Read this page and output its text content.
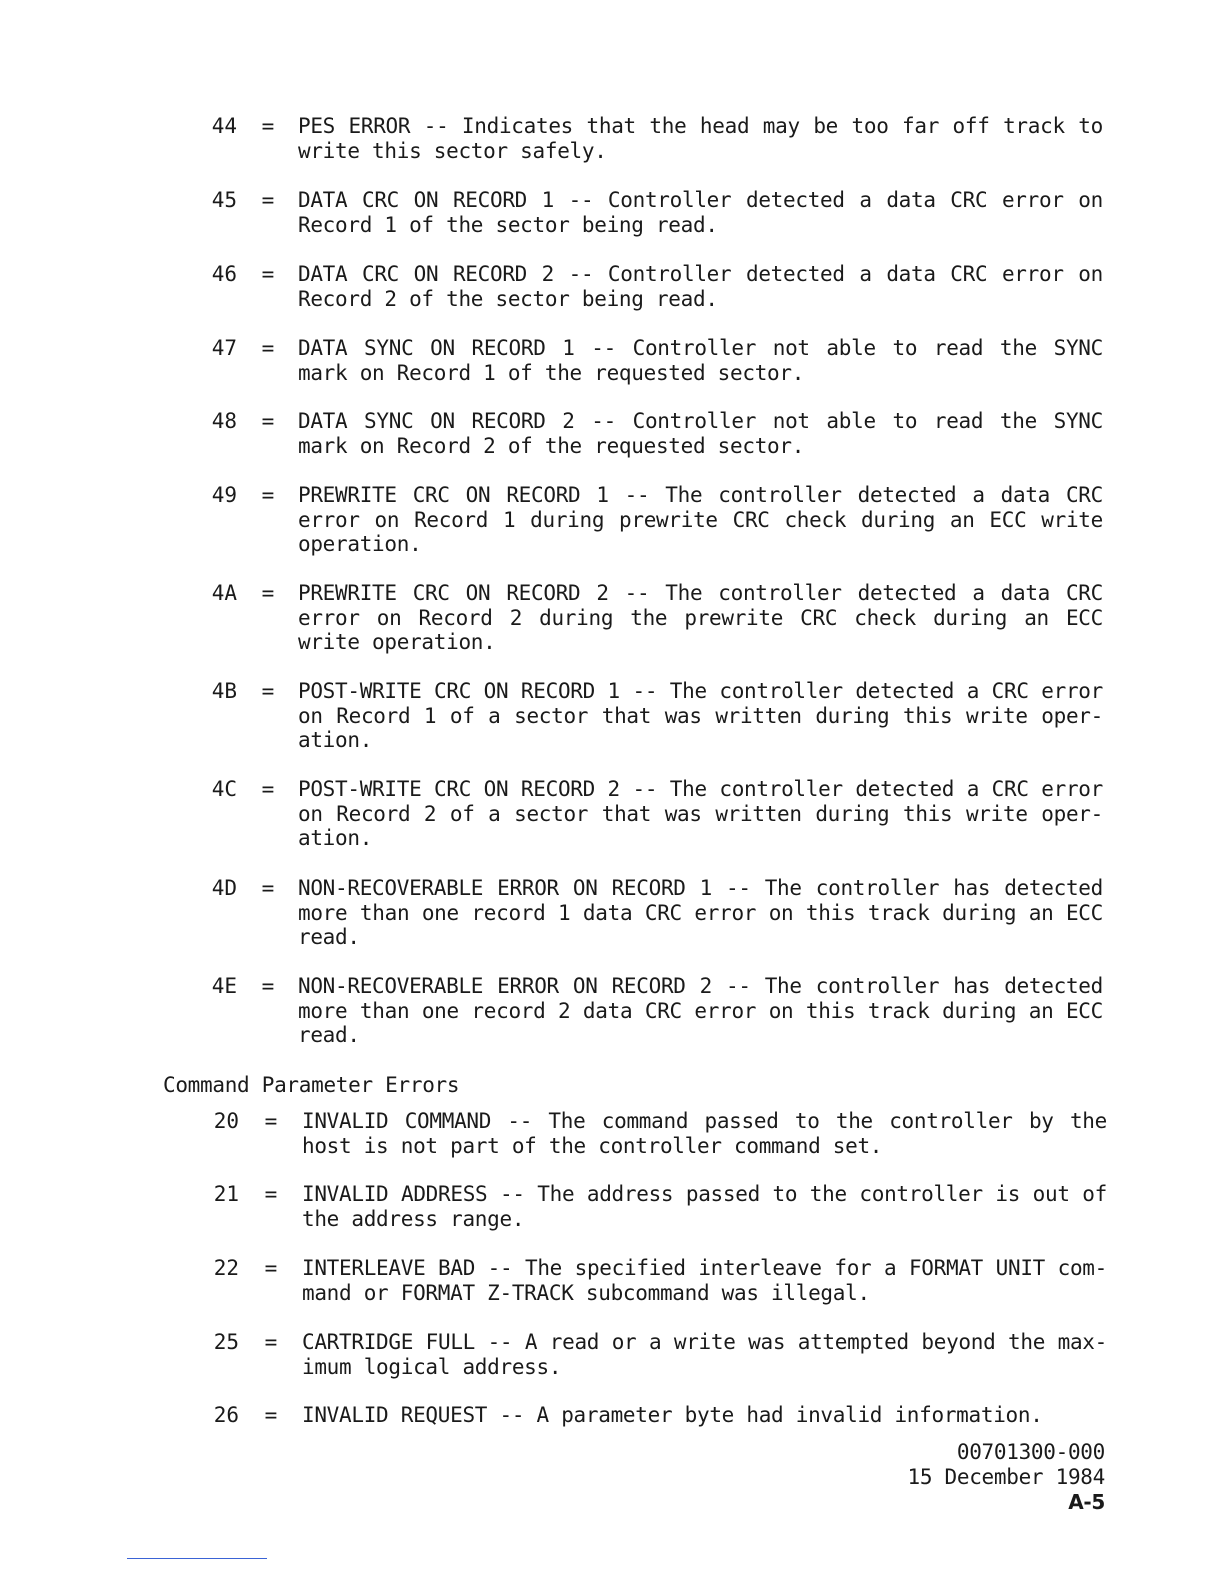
44 = PES ERROR -- Indicates that the head may be too far off track to
write this sector safely.
45 = DATA CRC ON RECORD 1 -- Controller detected a data CRC error on
Record 1 of the sector being read.
46 = DATA CRC ON RECORD 2 -- Controller detected a data CRC error on
Record 2 of the sector being read.
47 = DATA SYNC ON RECORD 1 -- Controller not able to read the SYNC
mark on Record 1 of the requested sector.
48 = DATA SYNC ON RECORD 2 -- Controller not able to read the SYNC
mark on Record 2 of the requested sector.
49 = PREWRITE CRC ON RECORD 1 -- The controller detected a data CRC
error on Record 1 during prewrite CRC check during an ECC write
operation.
4A = PREWRITE CRC ON RECORD 2 -- The controller detected a data CRC
error on Record 2 during the prewrite CRC check during an ECC
write operation.
4B = POST-WRITE CRC ON RECORD 1 -- The controller detected a CRC error
on Record 1 of a sector that was written during this write oper-
ation.
4C = POST-WRITE CRC ON RECORD 2 -- The controller detected a CRC error
on Record 2 of a sector that was written during this write oper-
ation.
4D = NON-RECOVERABLE ERROR ON RECORD 1 -- The controller has detected
more than one record 1 data CRC error on this track during an ECC
read.
4E = NON-RECOVERABLE ERROR ON RECORD 2 -- The controller has detected
more than one record 2 data CRC error on this track during an ECC
read.
Command Parameter Errors
20 = INVALID COMMAND -- The command passed to the controller by the
host is not part of the controller command set.
21 = INVALID ADDRESS -- The address passed to the controller is out of
the address range.
22 = INTERLEAVE BAD -- The specified interleave for a FORMAT UNIT com-
mand or FORMAT Z-TRACK subcommand was illegal.
25 = CARTRIDGE FULL -- A read or a write was attempted beyond the max-
imum logical address.
26 = INVALID REQUEST -- A parameter byte had invalid information.
00701300-000
15 December 1984
A-5
